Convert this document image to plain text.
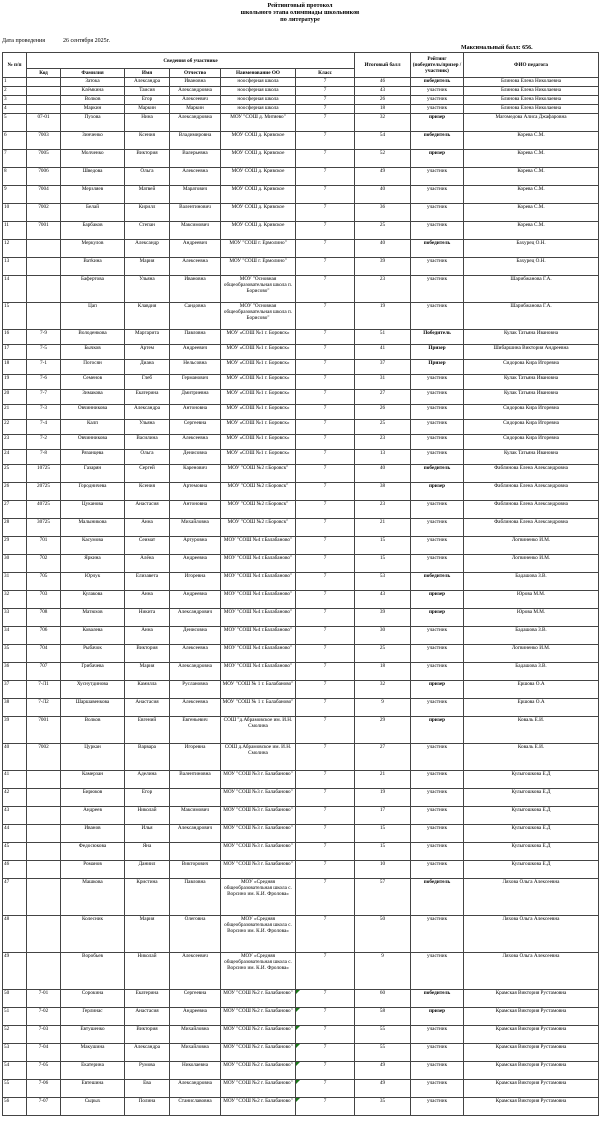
Рейтинговый протокол
школьного этапа олимпиады школьников
по литературе
Дата проведения	26 сентября 2025г.
Максимальный балл: 656.
№ п/п	Сведения об участнике						Итоговый балл	Рейтинг (победитель/призер /участник)	ФИО педагога
	Код	Фамилия	Имя	Отчество	Наименование ОО	Класс			
1		Затока	Александра	Ивановна	ноосферная школа	7	46	победитель	Блинова Елена Николаевна
2		Клёмкина	Таисия	Александровна	ноосферная школа	7	43	участник	Блинова Елена Николаевна
3		Волков	Егор	Алексеевич	ноосферная школа	7	26	участник	Блинова Елена Николаевна
4		Маркин	Маркин	Маркин	ноосферная школа	7	18	участник	Блинова Елена Николаевна
5	07-01	Пухова	Нина	Александровна	МОУ "СОШ д. Митяево"	7	32	призер	Магомедова Алиса Джафаровна
6	7003	Зинченко	Ксения	Владимировна	МОУ СОШ д. Кривское	7	54	победитель	Корева С.М.
7	7005	Молченко	Виктория	Валерьевна	МОУ СОШ д. Кривское	7	52	призер	Корева С.М.
8	7006	Шведова	Ольга	Алексеевна	МОУ СОШ д. Кривское	7	49	участник	Корева С.М.
9	7004	Мерзляев	Матвей	Маратович	МОУ СОШ д. Кривское	7	40	участник	Корева С.М.
10	7002	Белай	Кирилл	Валентинович	МОУ СОШ д. Кривское	7	36	участник	Корева С.М.
11	7001	Барбаков	Степан	Максимович	МОУ СОШ д. Кривское	7	25	участник	Корева С.М.
12		Меркулов	Александр	Андреевич	МОУ "СОШ г. Ермолино"	7	40	победитель	Бахурец О.Н.
13		Ватkина	Мария	Алексеевна	МОУ "СОШ г. Ермолино"	7	39	участник	Бахурец О.Н.
14		Бафертова	Ульяна	Ивановна	МОУ "Основная общеобразовательная школа п. Борисово"	7	23	участник	Шарибжанова Г.А.
15		Цап	Клавдия	Сандовна	МОУ "Основная общеобразовательная школа п. Борисово"	7	19	участник	Шарибжанова Г.А.
16	7-9	Володенкова	Маргарита	Павловна	МОУ «СОШ №1 г. Боровск»	7	51	Победитель	Кулак Татьяна Ивановна
17	7-5	Бычков	Артем	Андреевич	МОУ «СОШ №1 г. Боровск»	7	41	Призер	Шибаршина Виктория Андреевна
18	7-1	Погосян	Диана	Нельсовна	МОУ «СОШ №1 г. Боровск»	7	37	Призер	Сидорова Кира Игоревна
19	7-6	Семенов	Глеб	Германович	МОУ «СОШ №1 г. Боровск»	7	31	участник	Кулак Татьяна Ивановна
20	7-7	Зимакова	Екатерина	Дмитриевна	МОУ «СОШ №1 г. Боровск»	7	27	участник	Кулак Татьяна Ивановна
21	7-3	Овчинникова	Александра	Антоновна	МОУ «СОШ №1 г. Боровск»	7	26	участник	Сидорова Кира Игоревна
22	7-4	Калп	Ульяна	Сергеевна	МОУ «СОШ №1 г. Боровск»	7	25	участник	Сидорова Кира Игоревна
23	7-2	Овчинникова	Василина	Алексеевна	МОУ «СОШ №1 г. Боровск»	7	23	участник	Сидорова Кира Игоревна
24	7-8	Рязанцева	Ольга	Денисовна	МОУ «СОШ №1 г. Боровск»	7	13	участник	Кулак Татьяна Ивановна
25	10725	Газарян	Сергей	Каренович	МОУ "СОШ №2 г.Боровск"	7	40	победитель	Фаблинова Елена Александровна
26	20725	Городничева	Ксения	Артемовна	МОУ "СОШ №2 г.Боровск"	7	38	призер	Фаблинова Елена Александровна
27	40725	Цуканова	Анастасия	Антоновна	МОУ "СОШ №2 г.Боровск"	7	23	участник	Фаблинова Елена Александровна
28	30725	Малыникова	Анна	Михайловна	МОУ "СОШ №2 г.Боровск"	7	21	участник	Фаблинова Елена Александровна
29	701	Касумова	Сеимат	Артуровна	МОУ "СОШ №4 г.Балабаново"	7	15	участник	Логвиненко И.М.
30	702	Яркина	Алёна	Андреевна	МОУ "СОШ №4 г.Балабаново"	7	15	участник	Логвиненко И.М.
31	705	Юрчук	Елизавета	Игоревна	МОУ "СОШ №4 г.Балабаново"	7	53	победитель	Бадашова З.В.
32	703	Кулакова	Анна	Андреевна	МОУ "СОШ №4 г.Балабаново"	7	43	призер	Юрова М.М.
33	708	Матюхов	Никита	Александрович	МОУ "СОШ №4 г.Балабаново"	7	39	призер	Юрова М.М.
34	706	Ковалева	Анна	Денисовна	МОУ "СОШ №4 г.Балабаново"	7	30	участник	Бадашова З.В.
35	704	Рыбачок	Виктория	Алексеевна	МОУ "СОШ №4 г.Балабаново"	7	25	участник	Логвиненко И.М.
36	707	Грибачева	Мария	Александровна	МОУ "СОШ №4 г.Балабаново"	7	18	участник	Бадашова З.В.
37	7-Л1	Хуснутдинова	Камилла	Руслановна	МОУ "СОШ № 1 г. Балабаново"	7	32	призер	Ершова О.А
38	7-Л2	Шаршавенкова	Анастасия	Алексеевна	МОУ "СОШ № 1 г. Балабаново"	7	9	участник	Ершова О.А
39	7001	Волков	Евгений	Евгеньевич	СОШ "д.Абрамовское им. И.Н. Смолина	7	29	призер	Коваль Е.И.
40	7002	Цуркан	Варвара	Игоревна	СОШ д.Абрамовское им. И.Н. Смолина	7	27	участник	Коваль Е.И.
41		Камерзан	Аделина	Валентиновна	МОУ "СОШ №3 г. Балабаново"	7	21	участник	Кулыгошкова Е.Д
42		Бирюков	Егор		МОУ "СОШ №3 г. Балабаново"	7	19	участник	Кулыгошкова Е.Д
43		Андреев	Николай	Максимович	МОУ "СОШ №3 г. Балабаново"	7	17	участник	Кулыгошкова Е.Д
44		Иванов	Илья	Александрович	МОУ "СОШ №3 г. Балабаново"	7	15	участник	Кулыгошкова Е.Д
45		Федосюкова	Яна		МОУ "СОШ №3 г. Балабаново"	7	15	участник	Кулыгошкова Е.Д
46		Романов	Даниил	Викторович	МОУ "СОШ №3 г. Балабаново"	7	10	участник	Кулыгошкова Е.Д
47		Машкова	Кристина	Павловна	МОУ «Средняя общеобразовательная школа с. Ворсино им. К.И. Фролова»	7	57	победитель	Ляхова Ольга Алексеевна
48		Колесник	Мария	Олеговна	МОУ «Средняя общеобразовательная школа с. Ворсино им. К.И. Фролова»	7	50	участник	Ляхова Ольга Алексеевна
49		Воробьев	Николай	Алексеевич	МОУ «Средняя общеобразовательная школа с. Ворсино им. К.И. Фролова»	7	9	участник	Ляхова Ольга Алексеевна
50	7-01	Сорокина	Екатерина	Сергеевна	МОУ "СОШ №2 г. Балабаново"	7	60	победитель	Крамская Виктория Рустамовна
51	7-02	Герлинас	Анастасия	Андреевна	МОУ "СОШ №2 г. Балабаново"	7	58	призер	Крамская Виктория Рустамовна
52	7-03	Евтушенко	Виктория	Михайловна	МОУ "СОШ №2 г. Балабаново"	7	55	участник	Крамская Виктория Рустамовна
53	7-04	Макушина	Александра	Михайловна	МОУ "СОШ №2 г. Балабаново"	7	55	участник	Крамская Виктория Рустамовна
54	7-05	Екатерина	Румова	Николаевна	МОУ "СОШ №2 г. Балабаново"	7	49	участник	Крамская Виктория Рустамовна
55	7-06	Евтешина	Ева	Александровна	МОУ "СОШ №2 г. Балабаново"	7	49	участник	Крамская Виктория Рустамовна
56	7-07	Сырых	Полина	Станиславовна	МОУ "СОШ №2 г. Балабаново"	7	35	участник	Крамская Виктория Рустамовна
